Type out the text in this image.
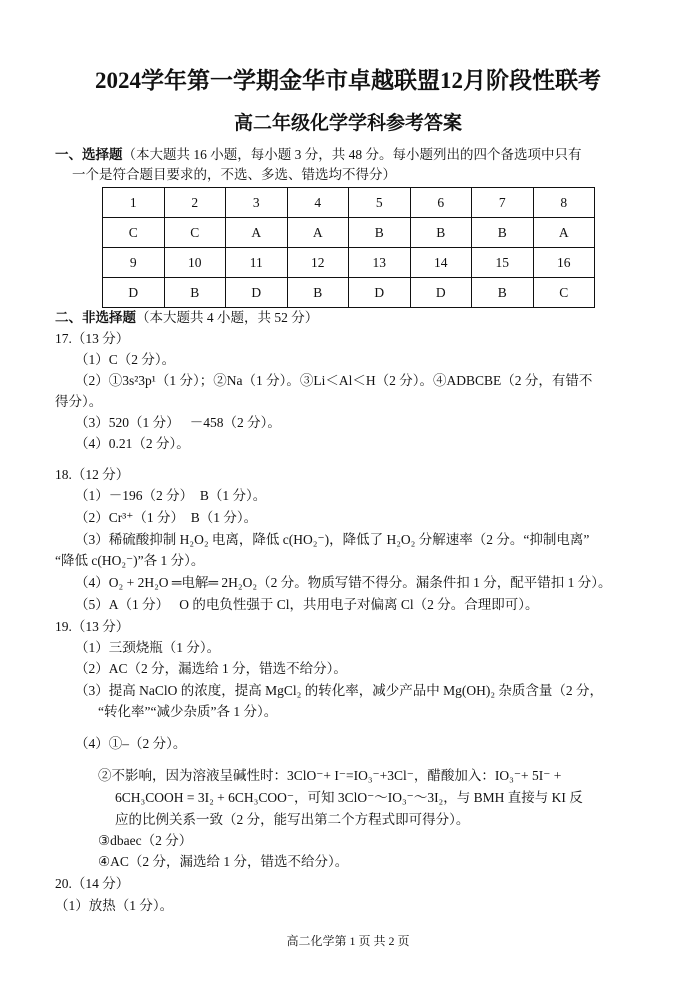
2024学年第一学期金华市卓越联盟12月阶段性联考
高二年级化学学科参考答案
一、选择题（本大题共 16 小题，每小题 3 分，共 48 分。每小题列出的四个备选项中只有
一个是符合题目要求的，不选、多选、错选均不得分）
1	2	3	4	5	6	7	8
C	C	A	A	B	B	B	A
9	10	11	12	13	14	15	16
D	B	D	B	D	D	B	C
二、非选择题（本大题共 4 小题，共 52 分）
17.（13 分）
（1）C（2 分）。
（2）①3s²3p¹（1 分）；②Na（1 分）。③Li＜Al＜H（2 分）。④ADBCBE（2 分，有错不
得分）。
（3）520（1 分）　 －458（2 分）。
（4）0.21（2 分）。
18.（12 分）
（1）－196（2 分）　B（1 分）。
（2）Cr³⁺（1 分）　B（1 分）。
（3）稀硫酸抑制 H₂O₂ 电离，降低 c(HO₂⁻)，降低了 H₂O₂ 分解速率（2 分。“抑制电离”
“降低 c(HO₂⁻)”各 1 分）。
（4）O₂ + 2H₂O ═电解═ 2H₂O₂（2 分。物质写错不得分。漏条件扣 1 分，配平错扣 1 分）。
（5）A（1 分）　 O 的电负性强于 Cl，共用电子对偏离 Cl（2 分。合理即可）。
19.（13 分）
（1）三颈烧瓶（1 分）。
（2）AC（2 分，漏选给 1 分，错选不给分）。
（3）提高 NaClO 的浓度，提高 MgCl₂ 的转化率，减少产品中 Mg(OH)₂ 杂质含量（2 分，
“转化率”“减少杂质”各 1 分）。
（4）①–（2 分）。
②不影响，因为溶液呈碱性时：3ClO⁻+ I⁻=IO₃⁻+3Cl⁻，醋酸加入：IO₃⁻+ 5I⁻ +
6CH₃COOH = 3I₂ + 6CH₃COO⁻，可知 3ClO⁻～IO₃⁻～3I₂，与 BMH 直接与 KI 反
应的比例关系一致（2 分，能写出第二个方程式即可得分）。
③dbaec（2 分）
④AC（2 分，漏选给 1 分，错选不给分）。
20.（14 分）
（1）放热（1 分）。
高二化学第 1 页 共 2 页
